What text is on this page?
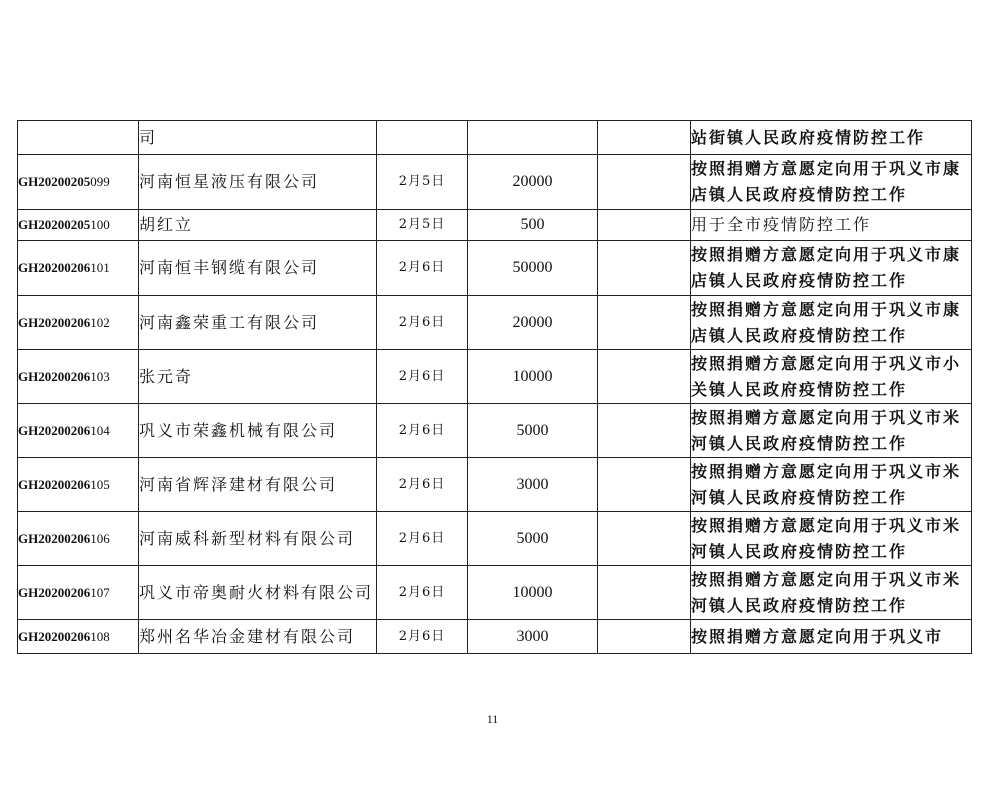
	司				站街镇人民政府疫情防控工作
GH20200205099	河南恒星液压有限公司	2月5日	20000		按照捐赠方意愿定向用于巩义市康店镇人民政府疫情防控工作
GH20200205100	胡红立	2月5日	500		用于全市疫情防控工作
GH20200206101	河南恒丰钢缆有限公司	2月6日	50000		按照捐赠方意愿定向用于巩义市康店镇人民政府疫情防控工作
GH20200206102	河南鑫荣重工有限公司	2月6日	20000		按照捐赠方意愿定向用于巩义市康店镇人民政府疫情防控工作
GH20200206103	张元奇	2月6日	10000		按照捐赠方意愿定向用于巩义市小关镇人民政府疫情防控工作
GH20200206104	巩义市荣鑫机械有限公司	2月6日	5000		按照捐赠方意愿定向用于巩义市米河镇人民政府疫情防控工作
GH20200206105	河南省辉泽建材有限公司	2月6日	3000		按照捐赠方意愿定向用于巩义市米河镇人民政府疫情防控工作
GH20200206106	河南威科新型材料有限公司	2月6日	5000		按照捐赠方意愿定向用于巩义市米河镇人民政府疫情防控工作
GH20200206107	巩义市帝奥耐火材料有限公司	2月6日	10000		按照捐赠方意愿定向用于巩义市米河镇人民政府疫情防控工作
GH20200206108	郑州名华冶金建材有限公司	2月6日	3000		按照捐赠方意愿定向用于巩义市
11
